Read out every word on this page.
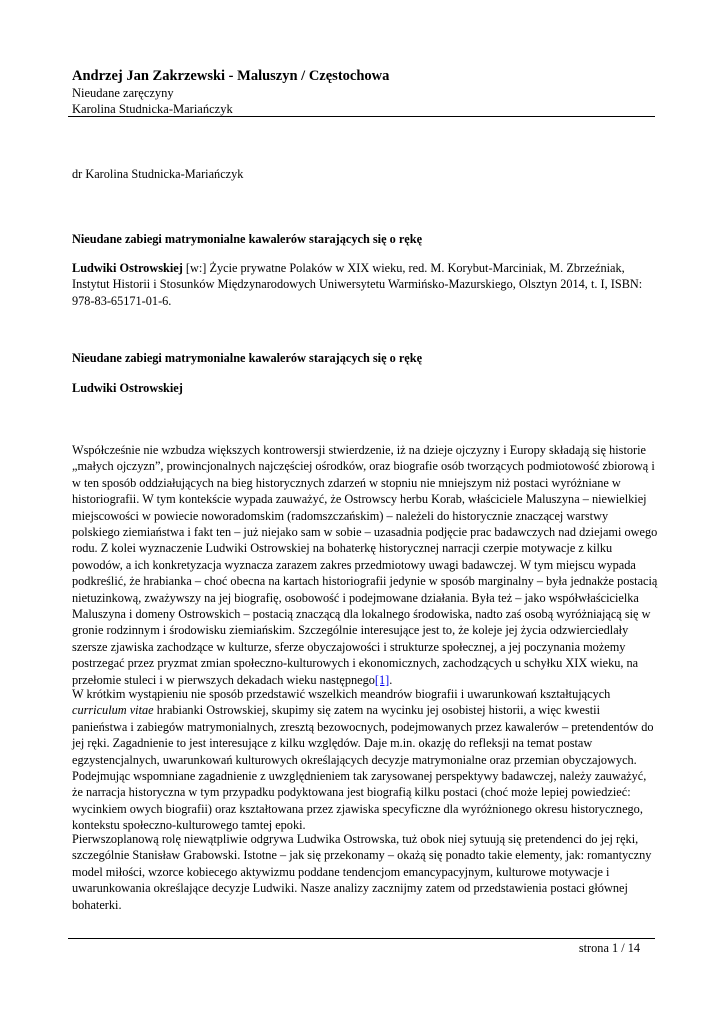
Andrzej Jan Zakrzewski - Maluszyn / Częstochowa
Nieudane zaręczyny
Karolina Studnicka-Mariańczyk
dr Karolina Studnicka-Mariańczyk
Nieudane zabiegi matrymonialne kawalerów starających się o rękę
Ludwiki Ostrowskiej [w:] Życie prywatne Polaków w XIX wieku, red. M. Korybut-Marciniak, M. Zbrzeźniak, Instytut Historii i Stosunków Międzynarodowych Uniwersytetu Warmińsko-Mazurskiego, Olsztyn 2014, t. I, ISBN: 978-83-65171-01-6.
Nieudane zabiegi matrymonialne kawalerów starających się o rękę
Ludwiki Ostrowskiej

Współcześnie nie wzbudza większych kontrowersji stwierdzenie, iż na dzieje ojczyzny i Europy składają się historie „małych ojczyzn”, prowincjonalnych najczęściej ośrodków, oraz biografie osób tworzących podmiotowość zbiorową i w ten sposób oddziałujących na bieg historycznych zdarzeń w stopniu nie mniejszym niż postaci wyróżniane w historiografii. W tym kontekście wypada zauważyć, że Ostrowscy herbu Korab, właściciele Maluszyna – niewielkiej miejscowości w powiecie noworadomskim (radomszczańskim) – należeli do historycznie znaczącej warstwy polskiego ziemiaństwa i fakt ten – już niejako sam w sobie – uzasadnia podjęcie prac badawczych nad dziejami owego rodu. Z kolei wyznaczenie Ludwiki Ostrowskiej na bohaterkę historycznej narracji czerpie motywacje z kilku powodów, a ich konkretyzacja wyznacza zarazem zakres przedmiotowy uwagi badawczej. W tym miejscu wypada podkreślić, że hrabianka – choć obecna na kartach historiografii jedynie w sposób marginalny – była jednakże postacią nietuzinkową, zważywszy na jej biografię, osobowość i podejmowane działania. Była też – jako współwłaścicielka Maluszyna i domeny Ostrowskich – postacią znaczącą dla lokalnego środowiska, nadto zaś osobą wyróżniającą się w gronie rodzinnym i środowisku ziemiańskim. Szczególnie interesujące jest to, że koleje jej życia odzwierciedlały szersze zjawiska zachodzące w kulturze, sferze obyczajowości i strukturze społecznej, a jej poczynania możemy postrzegać przez pryzmat zmian społeczno-kulturowych i ekonomicznych, zachodzących u schyłku XIX wieku, na przełomie stuleci i w pierwszych dekadach wieku następnego[1].

W krótkim wystąpieniu nie sposób przedstawić wszelkich meandrów biografii i uwarunkowań kształtujących curriculum vitae hrabianki Ostrowskiej, skupimy się zatem na wycinku jej osobistej historii, a więc kwestii panieństwa i zabiegów matrymonialnych, zresztą bezowocnych, podejmowanych przez kawalerów – pretendentów do jej ręki. Zagadnienie to jest interesujące z kilku względów. Daje m.in. okazję do refleksji na temat postaw egzystencjalnych, uwarunkowań kulturowych określających decyzje matrymonialne oraz przemian obyczajowych. Podejmując wspomniane zagadnienie z uwzględnieniem tak zarysowanej perspektywy badawczej, należy zauważyć, że narracja historyczna w tym przypadku podyktowana jest biografią kilku postaci (choć może lepiej powiedzieć: wycinkiem owych biografii) oraz kształtowana przez zjawiska specyficzne dla wyróżnionego okresu historycznego, kontekstu społeczno-kulturowego tamtej epoki.

Pierwszoplanową rolę niewątpliwie odgrywa Ludwika Ostrowska, tuż obok niej sytuują się pretendenci do jej ręki, szczególnie Stanisław Grabowski. Istotne – jak się przekonamy – okażą się ponadto takie elementy, jak: romantyczny model miłości, wzorce kobiecego aktywizmu poddane tendencjom emancypacyjnym, kulturowe motywacje i uwarunkowania określające decyzje Ludwiki. Nasze analizy zacznijmy zatem od przedstawienia postaci głównej bohaterki.

strona 1 / 14
